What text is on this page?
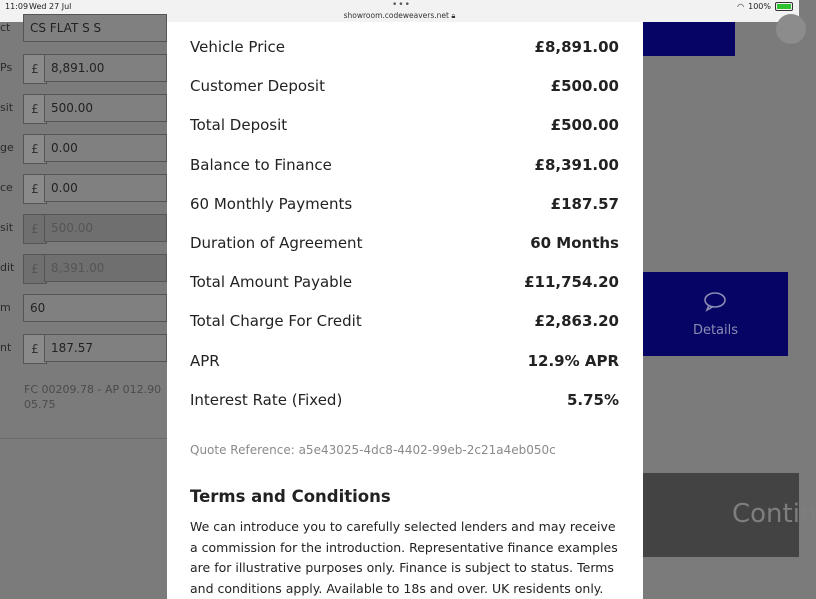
11:09 Wed 27 Jul	•••
showroom.codeweavers.net 🔒︎
◠ 100%
ct	CS FLAT S S
Ps	£	8,891.00
sit	£	500.00
ge	£	0.00
ce	£	0.00
sit	£	500.00
dit	£	8,391.00
m	60
nt	£	187.57
FC 00209.78 - AP 012.90
05.75
Details
Contin
Vehicle Price	£8,891.00
Customer Deposit	£500.00
Total Deposit	£500.00
Balance to Finance	£8,391.00
60 Monthly Payments	£187.57
Duration of Agreement	60 Months
Total Amount Payable	£11,754.20
Total Charge For Credit	£2,863.20
APR	12.9% APR
Interest Rate (Fixed)	5.75%
Quote Reference: a5e43025-4dc8-4402-99eb-2c21a4eb050c
Terms and Conditions
We can introduce you to carefully selected lenders and may receive a commission for the introduction. Representative finance examples are for illustrative purposes only. Finance is subject to status. Terms and conditions apply. Available to 18s and over. UK residents only.
